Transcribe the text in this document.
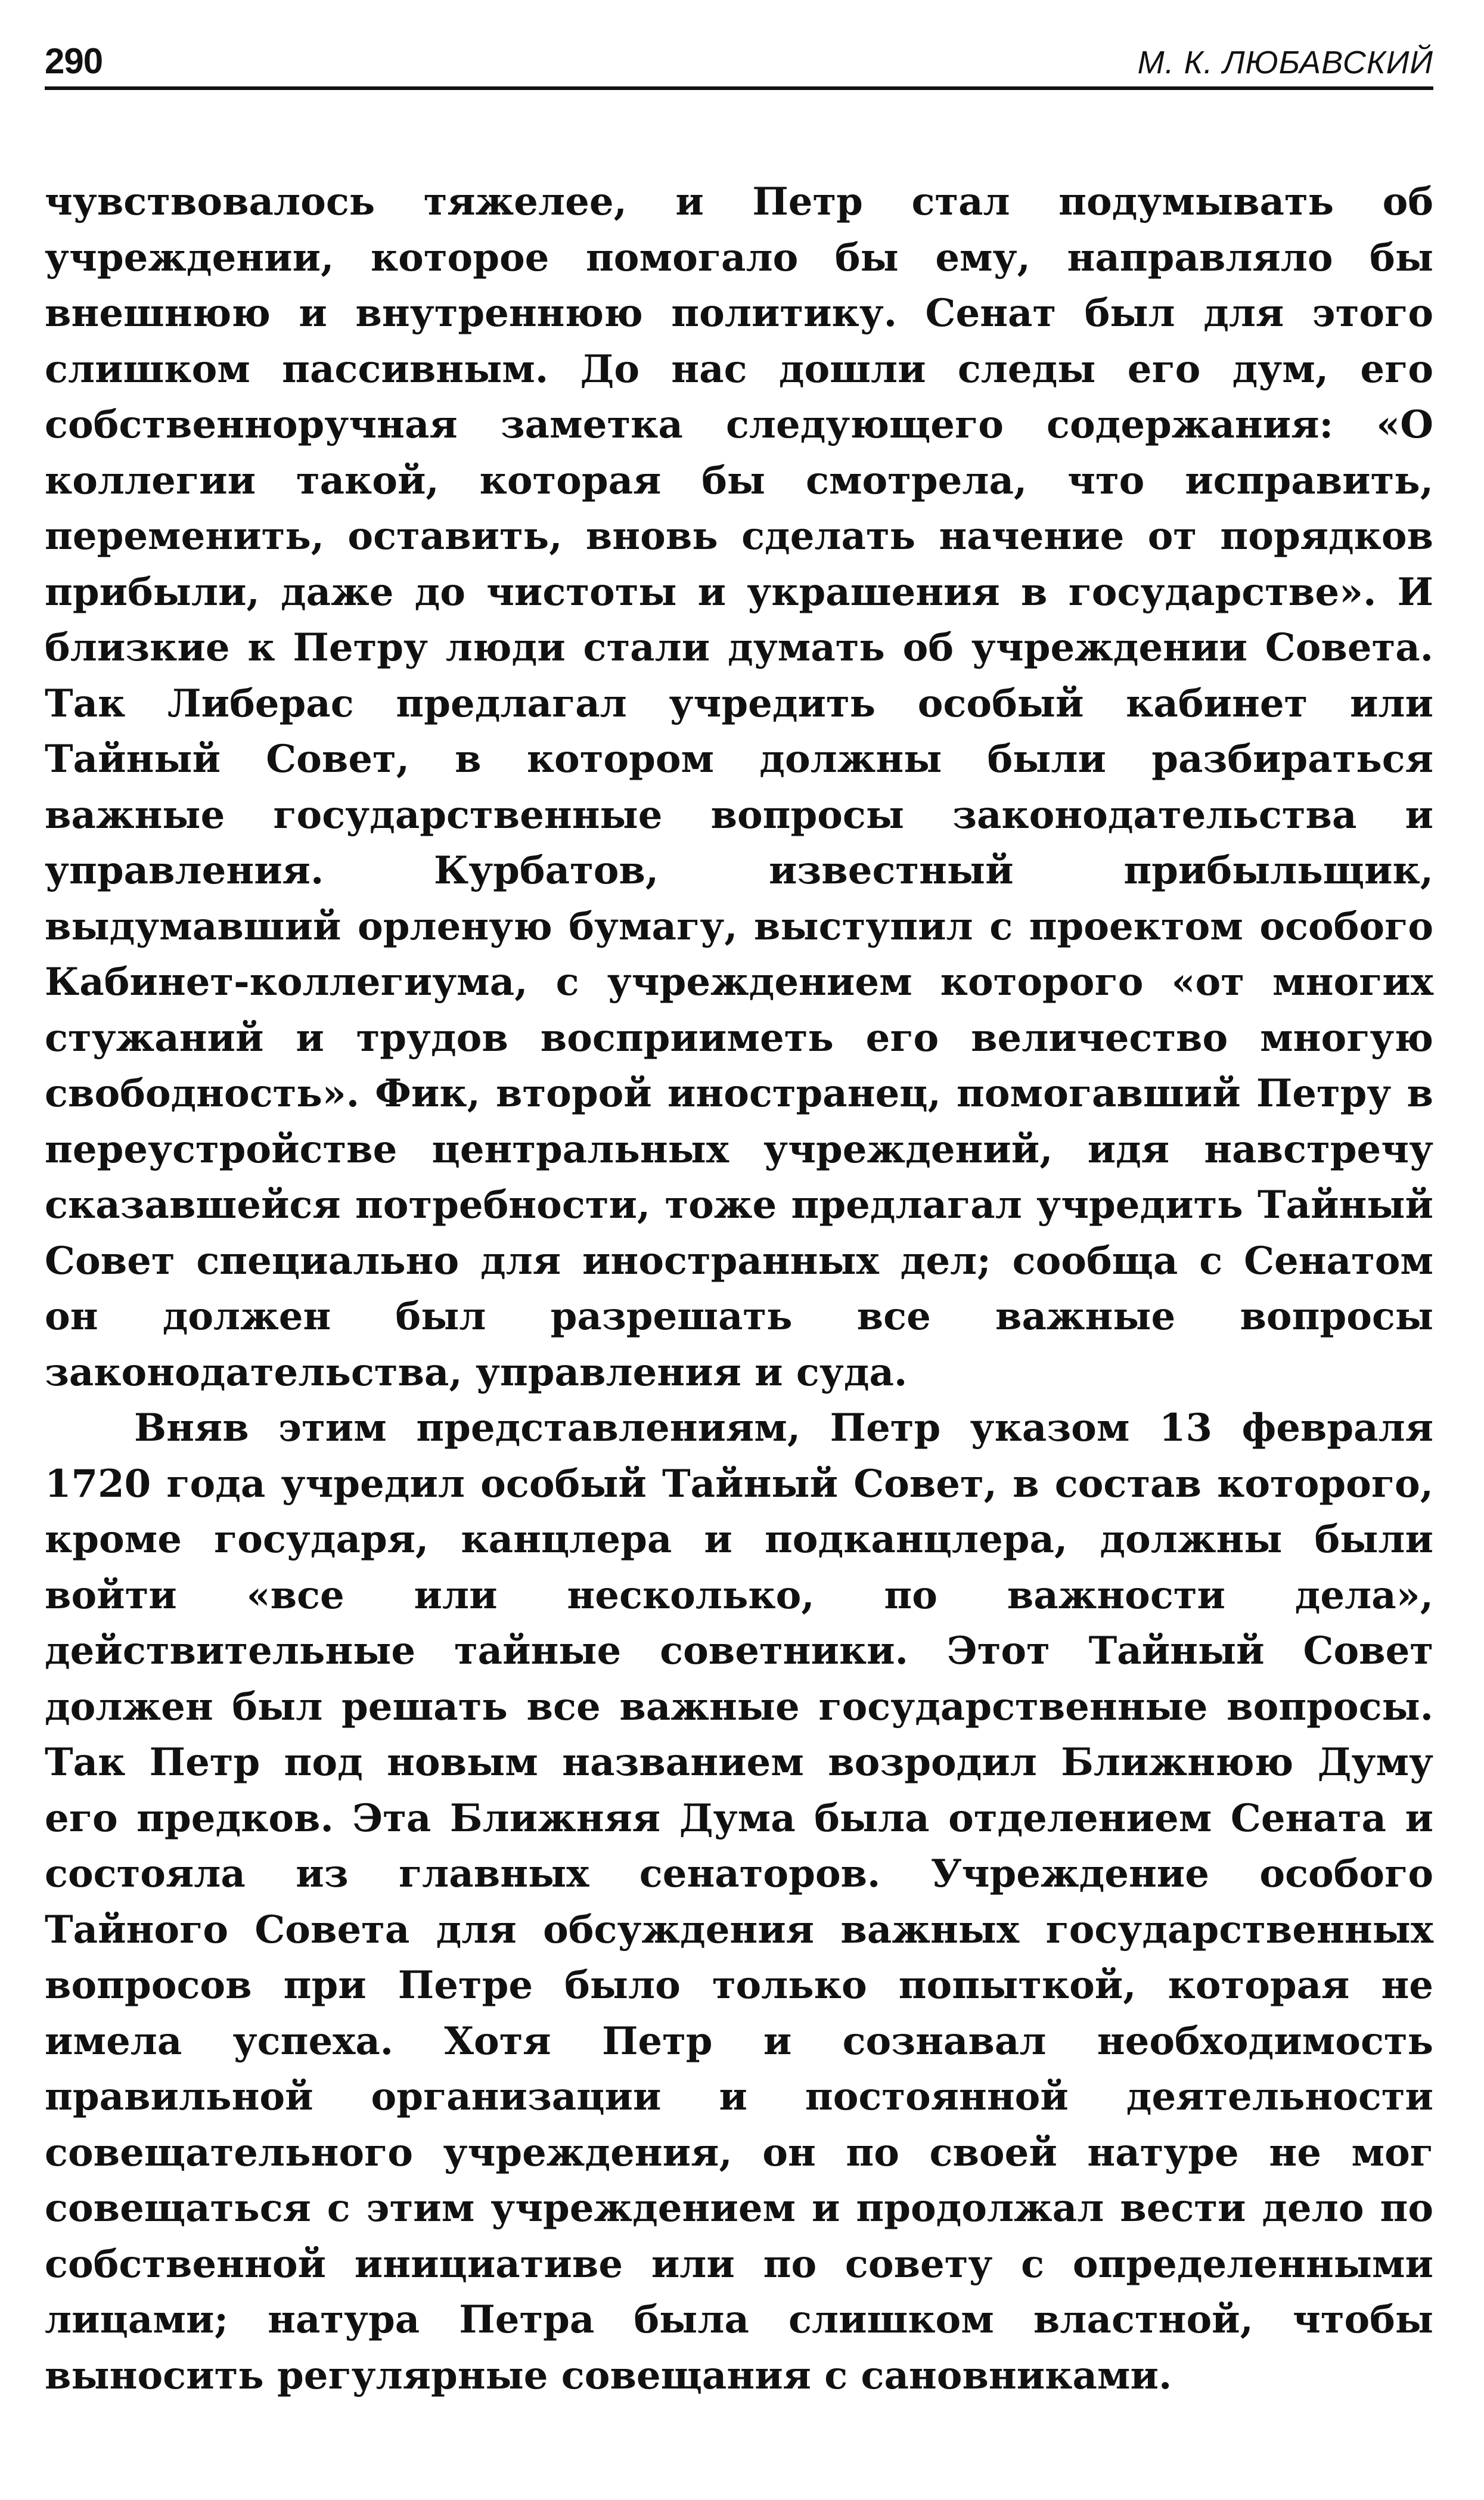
290	М. К. ЛЮБАВСКИЙ

чувствовалось тяжелее, и Петр стал подумывать об учреждении, которое помогало бы ему, направляло бы внешнюю и внутреннюю политику. Сенат был для этого слишком пассивным. До нас дошли следы его дум, его собственноручная заметка следующего содержания: «О коллегии такой, которая бы смотрела, что исправить, переменить, оставить, вновь сделать начение от порядков прибыли, даже до чистоты и украшения в государстве». И близкие к Петру люди стали думать об учреждении Совета. Так Либерас предлагал учредить особый кабинет или Тайный Совет, в котором должны были разбираться важные государственные вопросы законодательства и управления. Курбатов, известный прибыльщик, выдумавший орленую бумагу, выступил с проектом особого Кабинет-коллегиума, с учреждением которого «от многих стужаний и трудов восприиметь его величество многую свободность». Фик, второй иностранец, помогавший Петру в переустройстве центральных учреждений, идя навстречу сказавшейся потребности, тоже предлагал учредить Тайный Совет специально для иностранных дел; сообща с Сенатом он должен был разрешать все важные вопросы законодательства, управления и суда.

Вняв этим представлениям, Петр указом 13 февраля 1720 года учредил особый Тайный Совет, в состав которого, кроме государя, канцлера и подканцлера, должны были войти «все или несколько, по важности дела», действительные тайные советники. Этот Тайный Совет должен был решать все важные государственные вопросы. Так Петр под новым названием возродил Ближнюю Думу его предков. Эта Ближняя Дума была отделением Сената и состояла из главных сенаторов. Учреждение особого Тайного Совета для обсуждения важных государственных вопросов при Петре было только попыткой, которая не имела успеха. Хотя Петр и сознавал необходимость правильной организации и постоянной деятельности совещательного учреждения, он по своей натуре не мог совещаться с этим учреждением и продолжал вести дело по собственной инициативе или по совету с определенными лицами; натура Петра была слишком властной, чтобы выносить регулярные совещания с сановниками.
